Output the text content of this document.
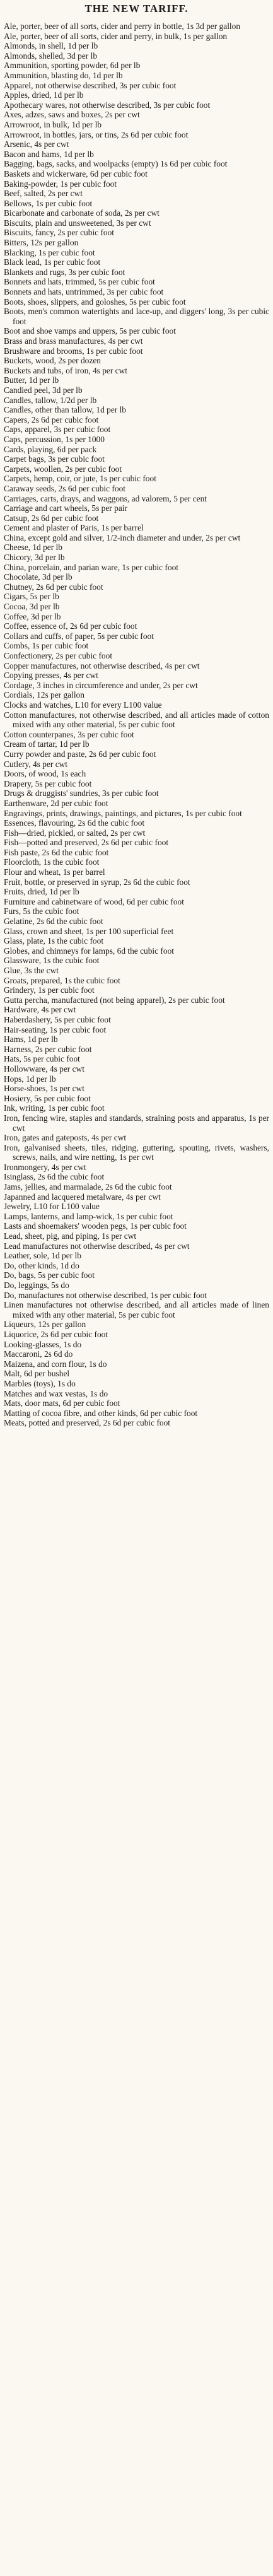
THE NEW TARIFF.

Ale, porter, beer of all sorts, cider and perry in bottle, 1s 3d per gallon

Ale, porter, beer of all sorts, cider and perry, in bulk, 1s per gallon

Almonds, in shell, 1d per lb

Almonds, shelled, 3d per lb

Ammunition, sporting powder, 6d per lb

Ammunition, blasting do, 1d per lb

Apparel, not otherwise described, 3s per cubic foot

Apples, dried, 1d per lb

Apothecary wares, not otherwise described, 3s per cubic foot

Axes, adzes, saws and boxes, 2s per cwt

Arrowroot, in bulk, 1d per lb

Arrowroot, in bottles, jars, or tins, 2s 6d per cubic foot

Arsenic, 4s per cwt

Bacon and hams, 1d per lb

Bagging, bags, sacks, and woolpacks (empty) 1s 6d per cubic foot

Baskets and wickerware, 6d per cubic foot

Baking-powder, 1s per cubic foot

Beef, salted, 2s per cwt

Bellows, 1s per cubic foot

Bicarbonate and carbonate of soda, 2s per cwt

Biscuits, plain and unsweetened, 3s per cwt

Biscuits, fancy, 2s per cubic foot

Bitters, 12s per gallon

Blacking, 1s per cubic foot

Black lead, 1s per cubic foot

Blankets and rugs, 3s per cubic foot

Bonnets and hats, trimmed, 5s per cubic foot

Bonnets and hats, untrimmed, 3s per cubic foot

Boots, shoes, slippers, and goloshes, 5s per cubic foot

Boots, men's common watertights and lace-up, and diggers' long, 3s per cubic foot

Boot and shoe vamps and uppers, 5s per cubic foot

Brass and brass manufactures, 4s per cwt

Brushware and brooms, 1s per cubic foot

Buckets, wood, 2s per dozen

Buckets and tubs, of iron, 4s per cwt

Butter, 1d per lb

Candied peel, 3d per lb

Candles, tallow, 1/2d per lb

Candles, other than tallow, 1d per lb

Capers, 2s 6d per cubic foot

Caps, apparel, 3s per cubic foot

Caps, percussion, 1s per 1000

Cards, playing, 6d per pack

Carpet bags, 3s per cubic foot

Carpets, woollen, 2s per cubic foot

Carpets, hemp, coir, or jute, 1s per cubic foot

Caraway seeds, 2s 6d per cubic foot

Carriages, carts, drays, and waggons, ad valorem, 5 per cent

Carriage and cart wheels, 5s per pair

Catsup, 2s 6d per cubic foot

Cement and plaster of Paris, 1s per barrel

China, except gold and silver, 1/2-inch diameter and under, 2s per cwt

Cheese, 1d per lb

Chicory, 3d per lb

China, porcelain, and parian ware, 1s per cubic foot

Chocolate, 3d per lb

Chutney, 2s 6d per cubic foot

Cigars, 5s per lb

Cocoa, 3d per lb

Coffee, 3d per lb

Coffee, essence of, 2s 6d per cubic foot

Collars and cuffs, of paper, 5s per cubic foot

Combs, 1s per cubic foot

Confectionery, 2s per cubic foot

Copper manufactures, not otherwise described, 4s per cwt

Copying presses, 4s per cwt

Cordage, 3 inches in circumference and under, 2s per cwt

Cordials, 12s per gallon

Clocks and watches, L10 for every L100 value

Cotton manufactures, not otherwise described, and all articles made of cotton mixed with any other material, 5s per cubic foot

Cotton counterpanes, 3s per cubic foot

Cream of tartar, 1d per lb

Curry powder and paste, 2s 6d per cubic foot

Cutlery, 4s per cwt

Doors, of wood, 1s each

Drapery, 5s per cubic foot

Drugs & druggists' sundries, 3s per cubic foot

Earthenware, 2d per cubic foot

Engravings, prints, drawings, paintings, and pictures, 1s per cubic foot

Essences, flavouring, 2s 6d the cubic foot

Fish—dried, pickled, or salted, 2s per cwt

Fish—potted and preserved, 2s 6d per cubic foot

Fish paste, 2s 6d the cubic foot

Floorcloth, 1s the cubic foot

Flour and wheat, 1s per barrel

Fruit, bottle, or preserved in syrup, 2s 6d the cubic foot

Fruits, dried, 1d per lb

Furniture and cabinetware of wood, 6d per cubic foot

Furs, 5s the cubic foot

Gelatine, 2s 6d the cubic foot

Glass, crown and sheet, 1s per 100 superficial feet

Glass, plate, 1s the cubic foot

Globes, and chimneys for lamps, 6d the cubic foot

Glassware, 1s the cubic foot

Glue, 3s the cwt

Groats, prepared, 1s the cubic foot

Grindery, 1s per cubic foot

Gutta percha, manufactured (not being apparel), 2s per cubic foot

Hardware, 4s per cwt

Haberdashery, 5s per cubic foot

Hair-seating, 1s per cubic foot

Hams, 1d per lb

Harness, 2s per cubic foot

Hats, 5s per cubic foot

Hollowware, 4s per cwt

Hops, 1d per lb

Horse-shoes, 1s per cwt

Hosiery, 5s per cubic foot

Ink, writing, 1s per cubic foot

Iron, fencing wire, staples and standards, straining posts and apparatus, 1s per cwt

Iron, gates and gateposts, 4s per cwt

Iron, galvanised sheets, tiles, ridging, guttering, spouting, rivets, washers, screws, nails, and wire netting, 1s per cwt

Ironmongery, 4s per cwt

Isinglass, 2s 6d the cubic foot

Jams, jellies, and marmalade, 2s 6d the cubic foot

Japanned and lacquered metalware, 4s per cwt

Jewelry, L10 for L100 value

Lamps, lanterns, and lamp-wick, 1s per cubic foot

Lasts and shoemakers' wooden pegs, 1s per cubic foot

Lead, sheet, pig, and piping, 1s per cwt

Lead manufactures not otherwise described, 4s per cwt

Leather, sole, 1d per lb

Do, other kinds, 1d do

Do, bags, 5s per cubic foot

Do, leggings, 5s do

Do, manufactures not otherwise described, 1s per cubic foot

Linen manufactures not otherwise described, and all articles made of linen mixed with any other material, 5s per cubic foot

Liqueurs, 12s per gallon

Liquorice, 2s 6d per cubic foot

Looking-glasses, 1s do

Maccaroni, 2s 6d do

Maizena, and corn flour, 1s do

Malt, 6d per bushel

Marbles (toys), 1s do

Matches and wax vestas, 1s do

Mats, door mats, 6d per cubic foot

Matting of cocoa fibre, and other kinds, 6d per cubic foot

Meats, potted and preserved, 2s 6d per cubic foot
